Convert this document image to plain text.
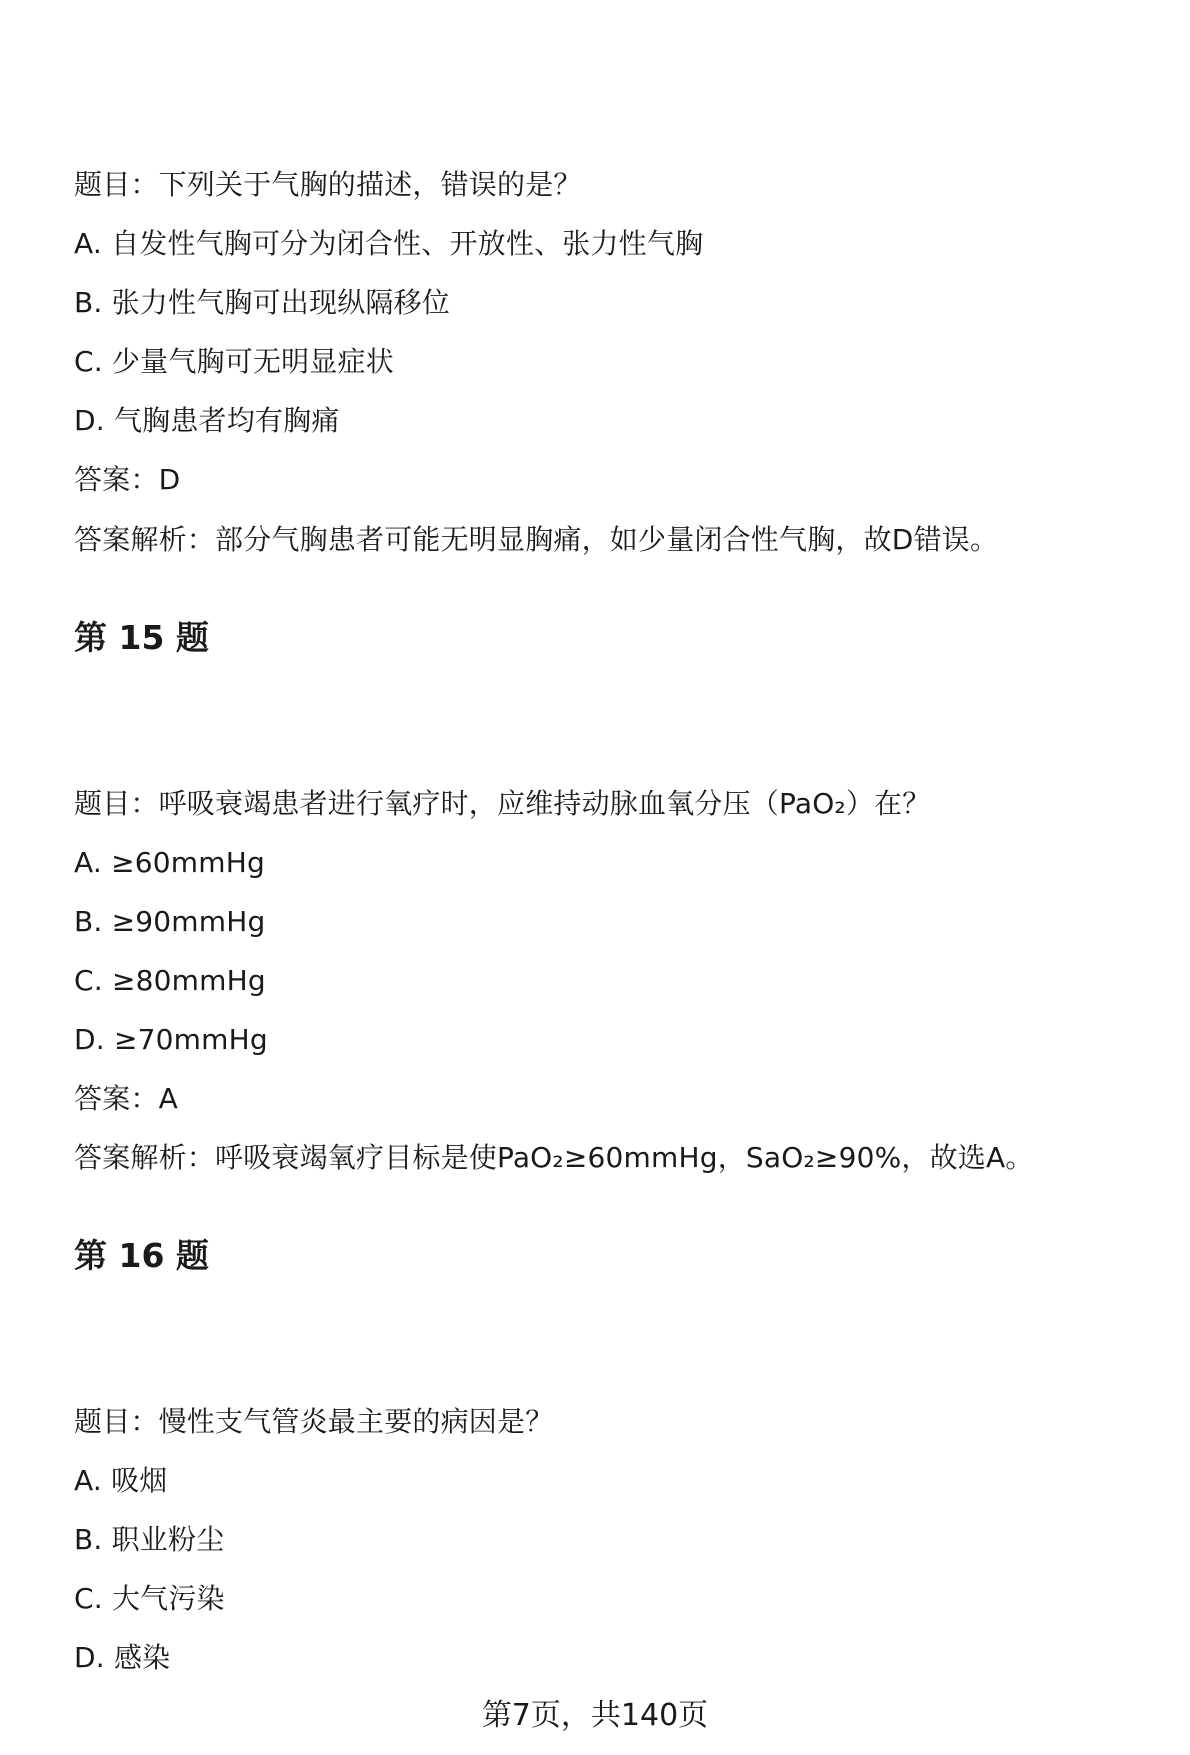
题目：下列关于气胸的描述，错误的是？
A. 自发性气胸可分为闭合性、开放性、张力性气胸
B. 张力性气胸可出现纵隔移位
C. 少量气胸可无明显症状
D. 气胸患者均有胸痛
答案：D
答案解析：部分气胸患者可能无明显胸痛，如少量闭合性气胸，故D错误。
第 15 题
题目：呼吸衰竭患者进行氧疗时，应维持动脉血氧分压（PaO₂）在？
A. ≥60mmHg
B. ≥90mmHg
C. ≥80mmHg
D. ≥70mmHg
答案：A
答案解析：呼吸衰竭氧疗目标是使PaO₂≥60mmHg，SaO₂≥90%，故选A。
第 16 题
题目：慢性支气管炎最主要的病因是？
A. 吸烟
B. 职业粉尘
C. 大气污染
D. 感染
第7页，共140页
